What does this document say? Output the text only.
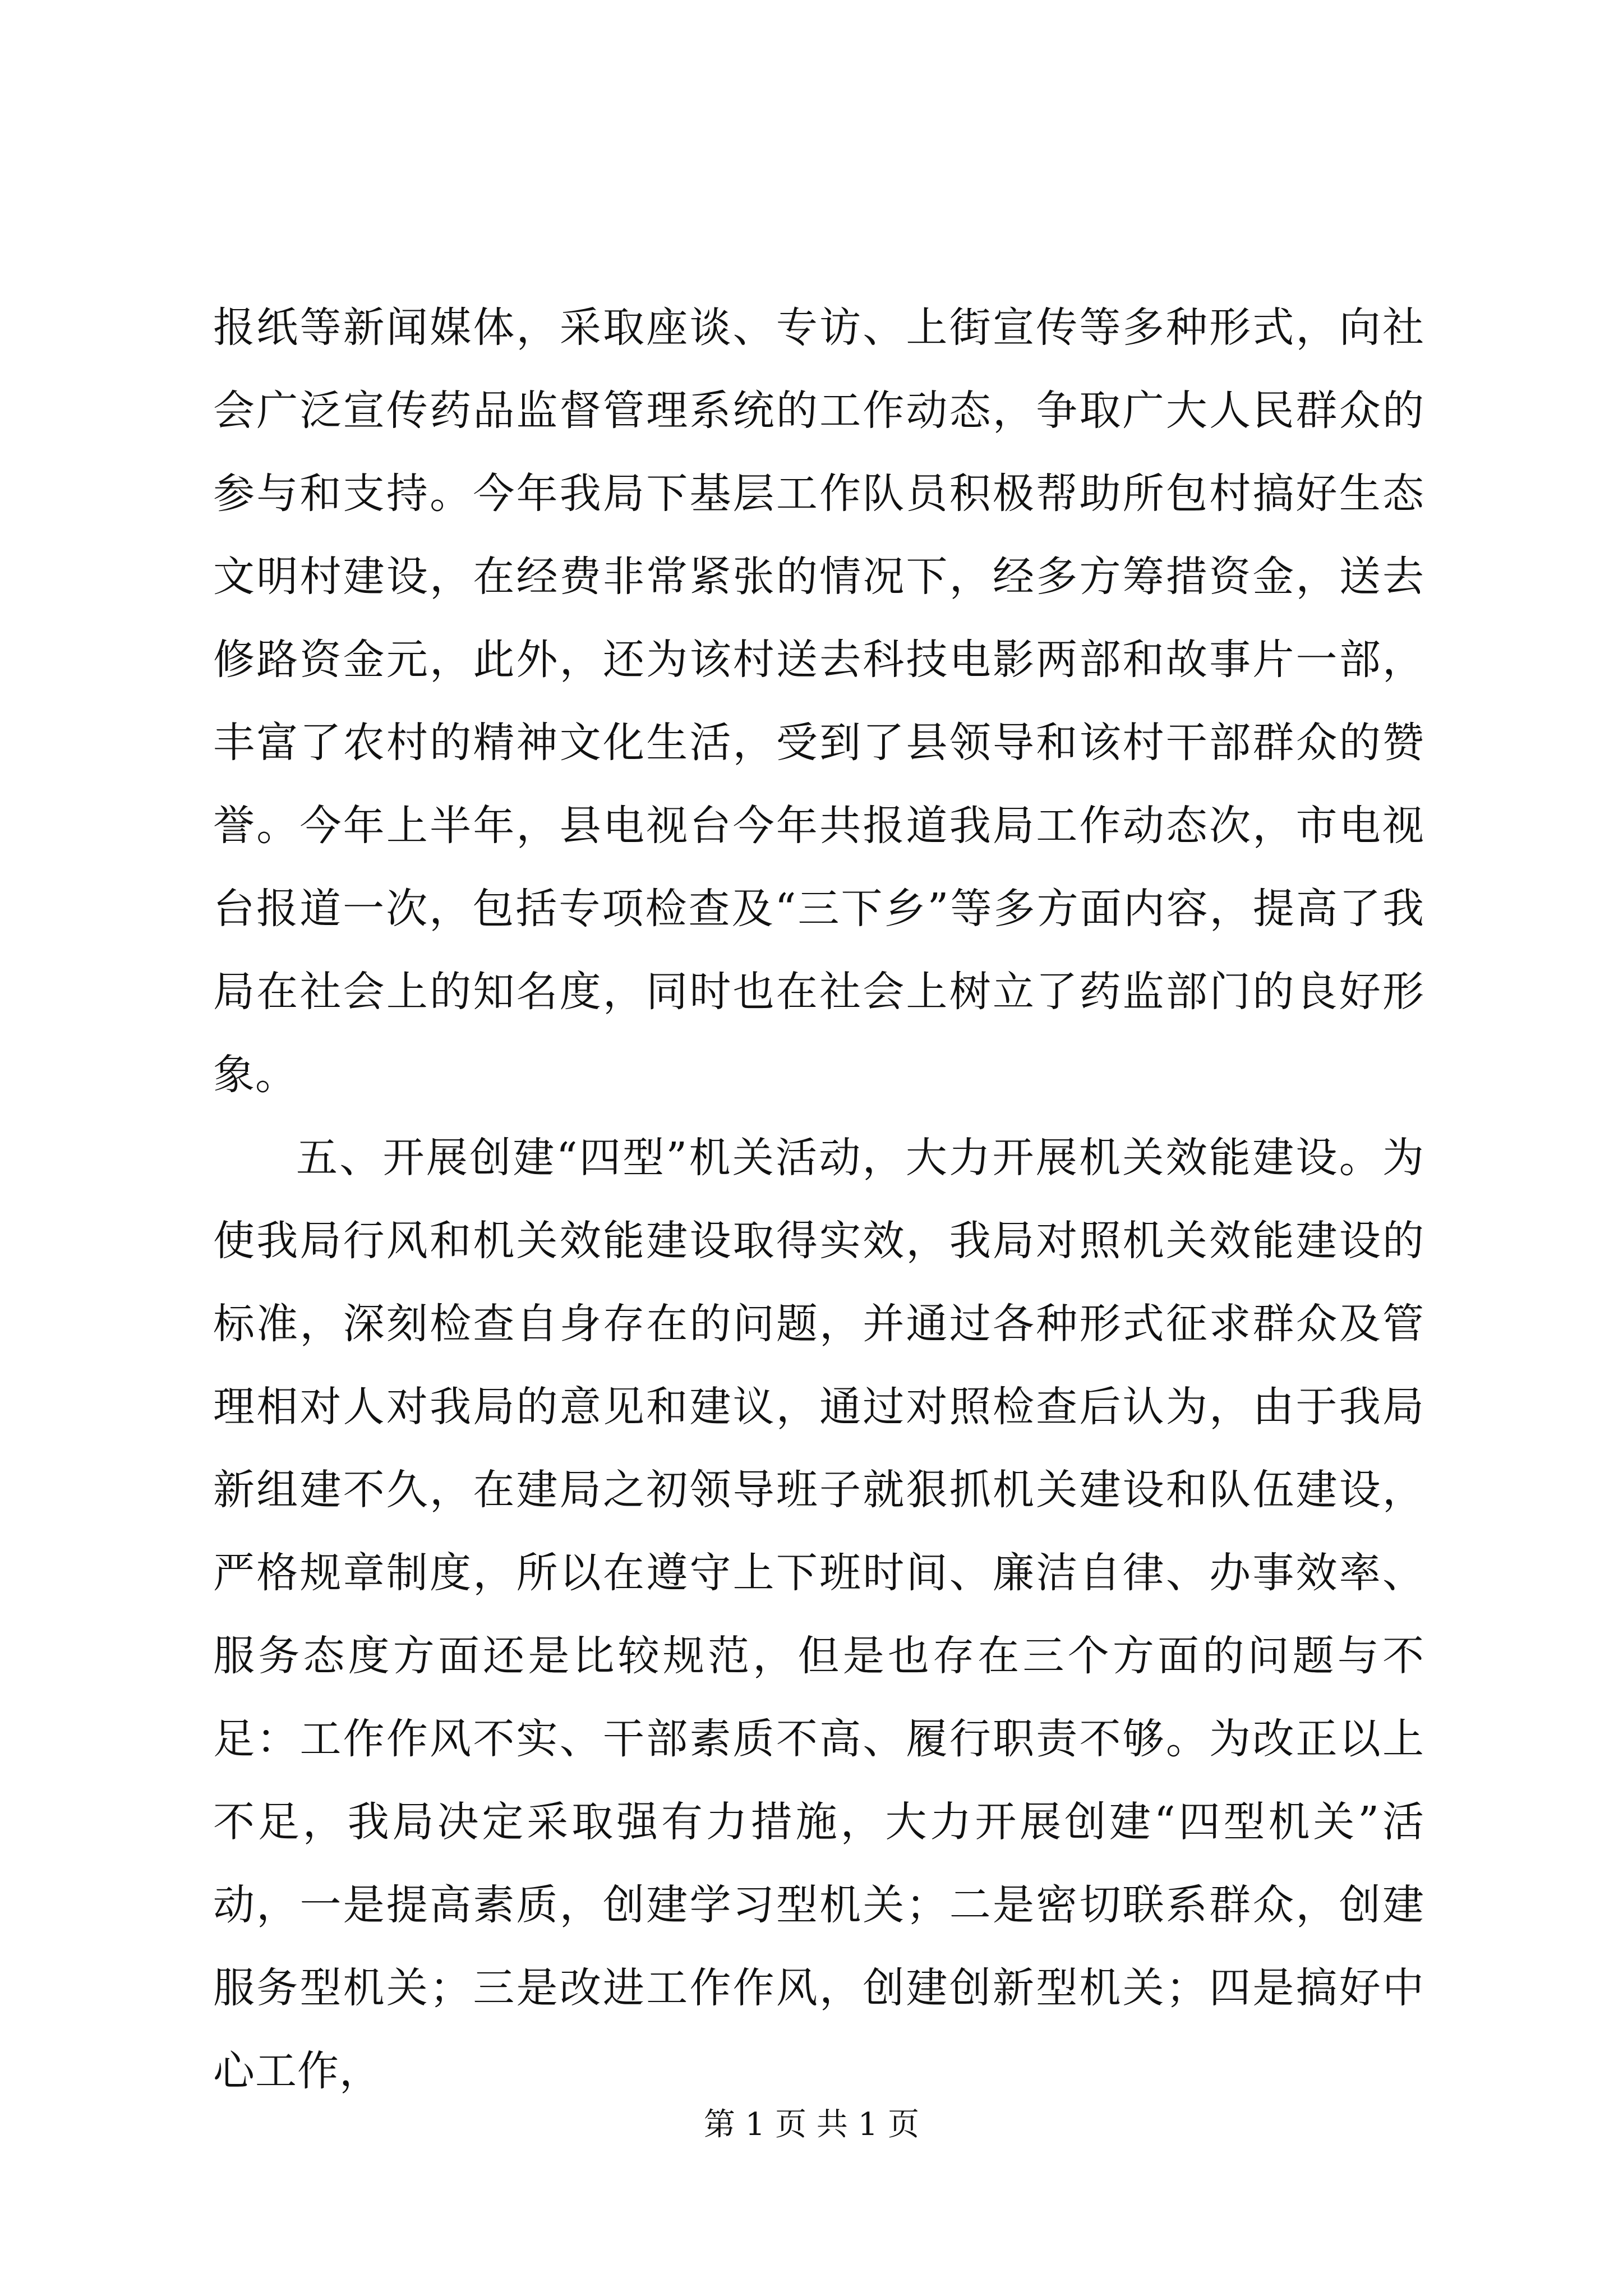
报纸等新闻媒体，采取座谈、专访、上街宣传等多种形式，向社会广泛宣传药品监督管理系统的工作动态，争取广大人民群众的参与和支持。今年我局下基层工作队员积极帮助所包村搞好生态文明村建设，在经费非常紧张的情况下，经多方筹措资金，送去修路资金元，此外，还为该村送去科技电影两部和故事片一部，丰富了农村的精神文化生活，受到了县领导和该村干部群众的赞誉。今年上半年，县电视台今年共报道我局工作动态次，市电视台报道一次，包括专项检查及“三下乡”等多方面内容，提高了我局在社会上的知名度，同时也在社会上树立了药监部门的良好形象。

五、开展创建“四型”机关活动，大力开展机关效能建设。为使我局行风和机关效能建设取得实效，我局对照机关效能建设的标准，深刻检查自身存在的问题，并通过各种形式征求群众及管理相对人对我局的意见和建议，通过对照检查后认为，由于我局新组建不久，在建局之初领导班子就狠抓机关建设和队伍建设，严格规章制度，所以在遵守上下班时间、廉洁自律、办事效率、服务态度方面还是比较规范，但是也存在三个方面的问题与不足：工作作风不实、干部素质不高、履行职责不够。为改正以上不足，我局决定采取强有力措施，大力开展创建“四型机关”活动，一是提高素质，创建学习型机关；二是密切联系群众，创建服务型机关；三是改进工作作风，创建创新型机关；四是搞好中心工作，

第 1 页 共 1 页
